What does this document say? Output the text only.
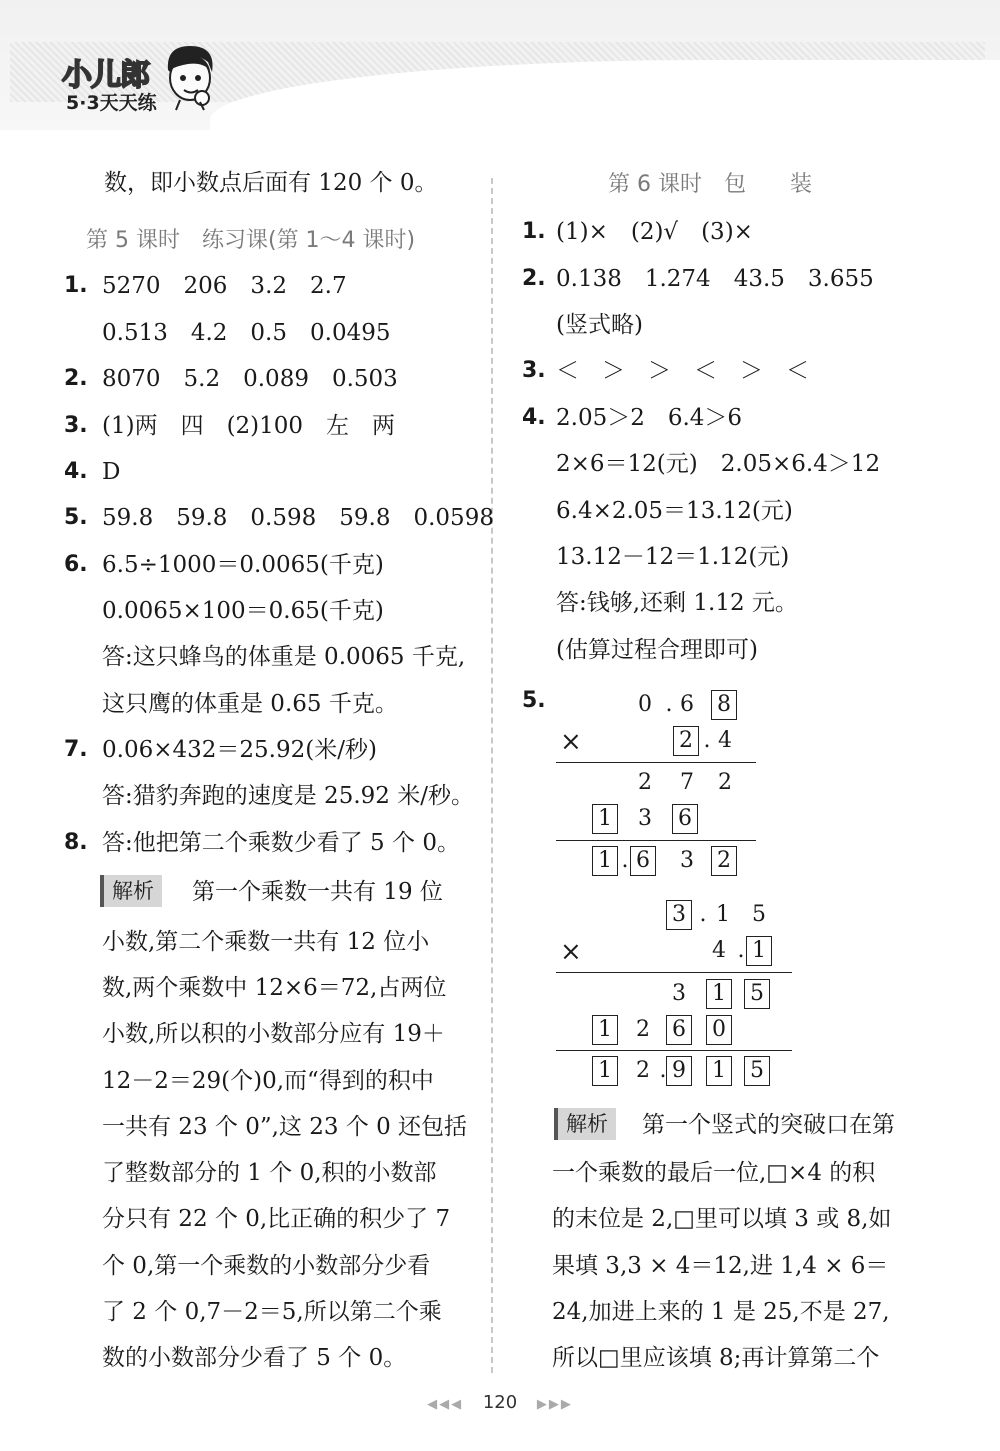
小儿郎
5·3天天练
数，即小数点后面有 120 个 0。
第 5 课时　练习课(第 1～4 课时)
1. 5270　206　3.2　2.7
0.513　4.2　0.5　0.0495
2. 8070　5.2　0.089　0.503
3. (1)两　四　(2)100　左　两
4. D
5. 59.8　59.8　0.598　59.8　0.0598
6. 6.5÷1000＝0.0065(千克)
0.0065×100＝0.65(千克)
答:这只蜂鸟的体重是 0.0065 千克,
这只鹰的体重是 0.65 千克。
7. 0.06×432＝25.92(米/秒)
答:猎豹奔跑的速度是 25.92 米/秒。
8. 答:他把第二个乘数少看了 5 个 0。
解析	第一个乘数一共有 19 位
小数,第二个乘数一共有 12 位小
数,两个乘数中 12×6＝72,占两位
小数,所以积的小数部分应有 19＋
12－2＝29(个)0,而“得到的积中
一共有 23 个 0”,这 23 个 0 还包括
了整数部分的 1 个 0,积的小数部
分只有 22 个 0,比正确的积少了 7
个 0,第一个乘数的小数部分少看
了 2 个 0,7－2＝5,所以第二个乘
数的小数部分少看了 5 个 0。
第 6 课时　包　　装
1. (1)×　(2)√　(3)×
2. 0.138　1.274　43.5　3.655
(竖式略)
3. ＜　＞　＞　＜　＞　＜
4. 2.05＞2　6.4＞6
2×6＝12(元)　2.05×6.4＞12
6.4×2.05＝13.12(元)
13.12－12＝1.12(元)
答:钱够,还剩 1.12 元。
(估算过程合理即可)
5.	0 . 6 8
×	2 . 4
2 7 2
1 3 6
1 . 6 3 2
3 . 1 5
×	4 . 1
3 1 5
1 2 6 0
1 2 . 9 1 5
解析	第一个竖式的突破口在第
一个乘数的最后一位,□×4 的积
的末位是 2,□里可以填 3 或 8,如
果填 3,3 × 4＝12,进 1,4 × 6＝
24,加进上来的 1 是 25,不是 27,
所以□里应该填 8;再计算第二个
◀◀◀ 120 ▶▶▶
